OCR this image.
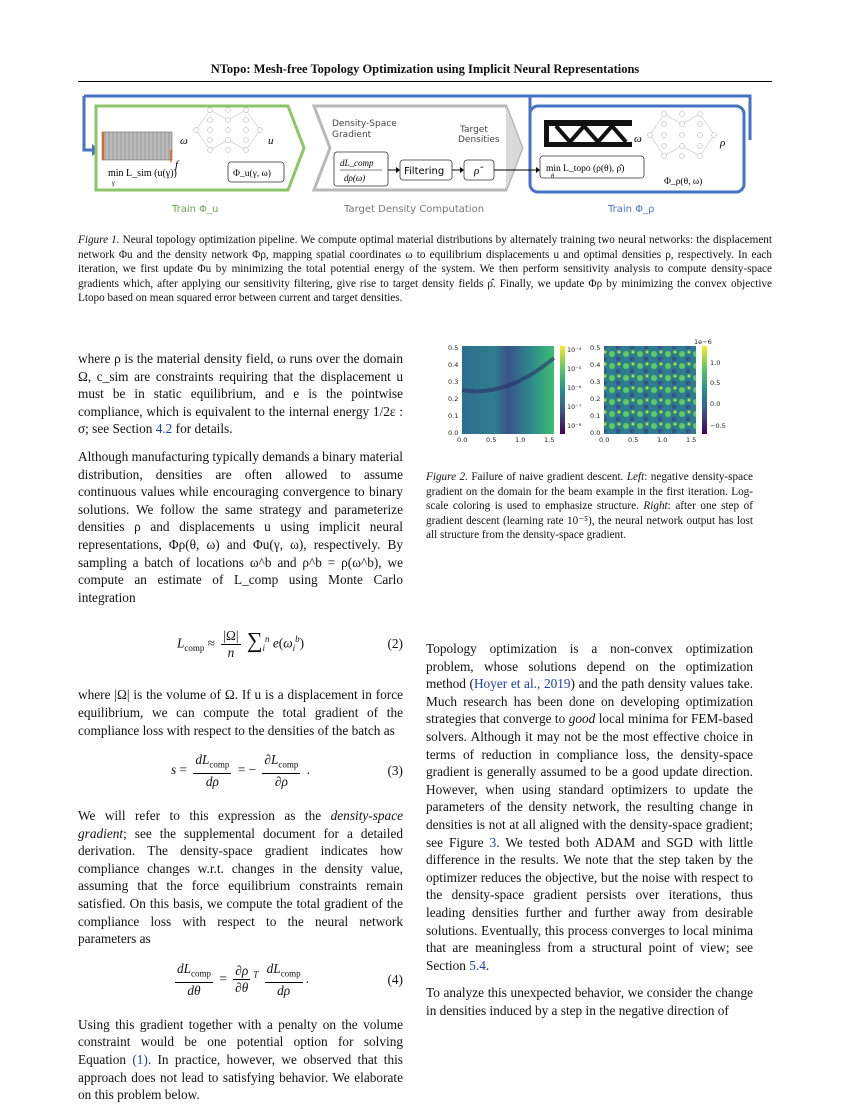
NTopo: Mesh-free Topology Optimization using Implicit Neural Representations
f
ω	u
min L_sim (u(γ))
γ
Φ_u(γ, ω)
Train Φ_u
Density-Space
Gradient	Target
Densities
dL_comp
dρ(ω)
Filtering	ρ̂
Target Density Computation
ω	ρ
min L_topo (ρ(θ), ρ̂)
θ
Φ_ρ(θ, ω)
Train Φ_ρ
Figure 1. Neural topology optimization pipeline. We compute optimal material distributions by alternately training two neural networks: the displacement network Φu and the density network Φρ, mapping spatial coordinates ω to equilibrium displacements u and optimal densities ρ, respectively. In each iteration, we first update Φu by minimizing the total potential energy of the system. We then perform sensitivity analysis to compute density-space gradients which, after applying our sensitivity filtering, give rise to target density fields ρ̂. Finally, we update Φρ by minimizing the convex objective Ltopo based on mean squared error between current and target densities.

where ρ is the material density field, ω runs over the domain Ω, c_sim are constraints requiring that the displacement u must be in static equilibrium, and e is the pointwise compliance, which is equivalent to the internal energy 1/2ε : σ; see Section 4.2 for details.

Although manufacturing typically demands a binary material distribution, densities are often allowed to assume continuous values while encouraging convergence to binary solutions. We follow the same strategy and parameterize densities ρ and displacements u using implicit neural representations, Φρ(θ, ω) and Φu(γ, ω), respectively. By sampling a batch of locations ω^b and ρ^b = ρ(ω^b), we compute an estimate of L_comp using Monte Carlo integration

$L_{comp} \approx \frac{|\Omega|}{n} \sum_i^n$ $e(\omega_i^b)$	(2)

where |Ω| is the volume of Ω. If u is a displacement in force equilibrium, we can compute the total gradient of the compliance loss with respect to the densities of the batch as

$s = \frac{dL_{comp}}{d\rho}$ = − $\frac{\partial L_{comp}}{\partial\rho}$ .	(3)

We will refer to this expression as the density-space gradient; see the supplemental document for a detailed derivation. The density-space gradient indicates how compliance changes w.r.t. changes in the density value, assuming that the force equilibrium constraints remain satisfied. On this basis, we compute the total gradient of the compliance loss with respect to the neural network parameters as

$\frac{dL_{comp}}{d\theta} = \frac{\partial\rho}{\partial\theta} ^T \frac{dL_{comp}}{d\rho}$ .	(4)

Using this gradient together with a penalty on the volume constraint would be one potential option for solving Equation (1). In practice, however, we observed that this approach does not lead to satisfying behavior. We elaborate on this problem below.

0.5
0.4
0.3
0.2
0.1
0.0
0.0	0.5	1.0	1.5
10⁻⁴
10⁻⁵
10⁻⁶
10⁻⁷
10⁻⁸
0.5
0.4
0.3
0.2
0.1
0.0
0.0	0.5	1.0	1.5
1.0
0.5
0.0
−0.5
1e−6
Figure 2. Failure of naive gradient descent. Left: negative density-space gradient on the domain for the beam example in the first iteration. Log-scale coloring is used to emphasize structure. Right: after one step of gradient descent (learning rate 10⁻⁵), the neural network output has lost all structure from the density-space gradient.

Topology optimization is a non-convex optimization problem, whose solutions depend on the optimization method (Hoyer et al., 2019) and the path density values take. Much research has been done on developing optimization strategies that converge to good local minima for FEM-based solvers. Although it may not be the most effective choice in terms of reduction in compliance loss, the density-space gradient is generally assumed to be a good update direction. However, when using standard optimizers to update the parameters of the density network, the resulting change in densities is not at all aligned with the density-space gradient; see Figure 3. We tested both ADAM and SGD with little difference in the results. We note that the step taken by the optimizer reduces the objective, but the noise with respect to the density-space gradient persists over iterations, thus leading densities further and further away from desirable solutions. Eventually, this process converges to local minima that are meaningless from a structural point of view; see Section 5.4.

To analyze this unexpected behavior, we consider the change in densities induced by a step in the negative direction of
